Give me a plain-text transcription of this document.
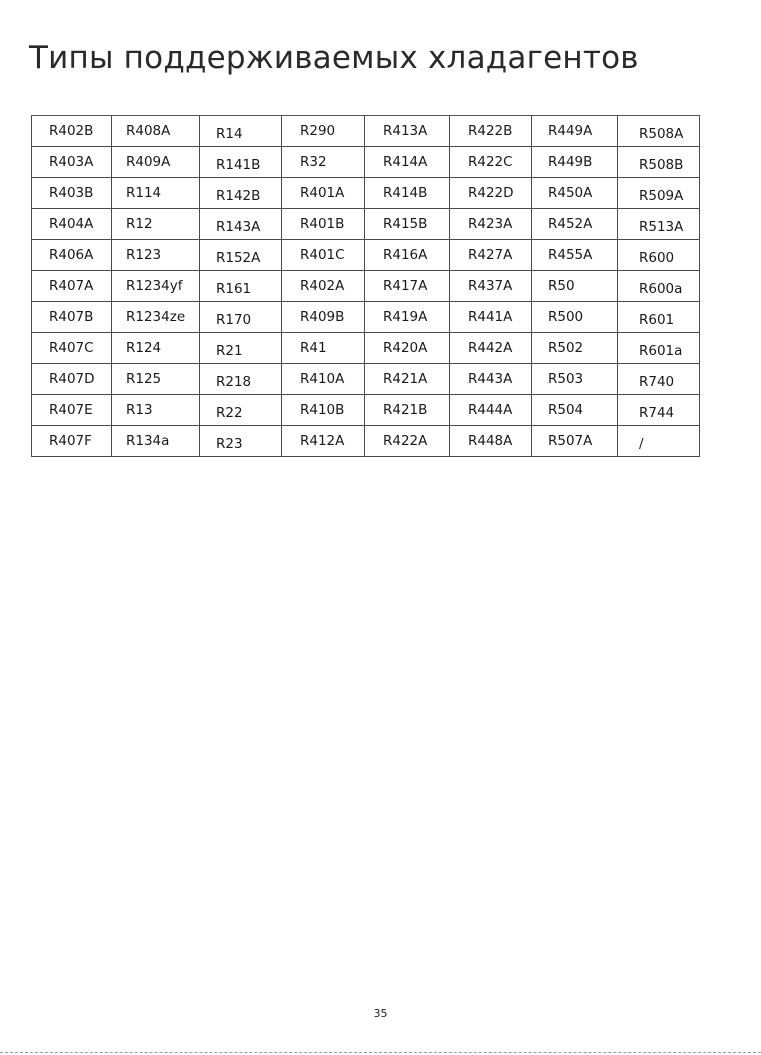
Типы поддерживаемых хладагентов
R402B	R408A	R14	R290	R413A	R422B	R449A	R508A
R403A	R409A	R141B	R32	R414A	R422C	R449B	R508B
R403B	R114	R142B	R401A	R414B	R422D	R450A	R509A
R404A	R12	R143A	R401B	R415B	R423A	R452A	R513A
R406A	R123	R152A	R401C	R416A	R427A	R455A	R600
R407A	R1234yf	R161	R402A	R417A	R437A	R50	R600a
R407B	R1234ze	R170	R409B	R419A	R441A	R500	R601
R407C	R124	R21	R41	R420A	R442A	R502	R601a
R407D	R125	R218	R410A	R421A	R443A	R503	R740
R407E	R13	R22	R410B	R421B	R444A	R504	R744
R407F	R134a	R23	R412A	R422A	R448A	R507A	/
35
